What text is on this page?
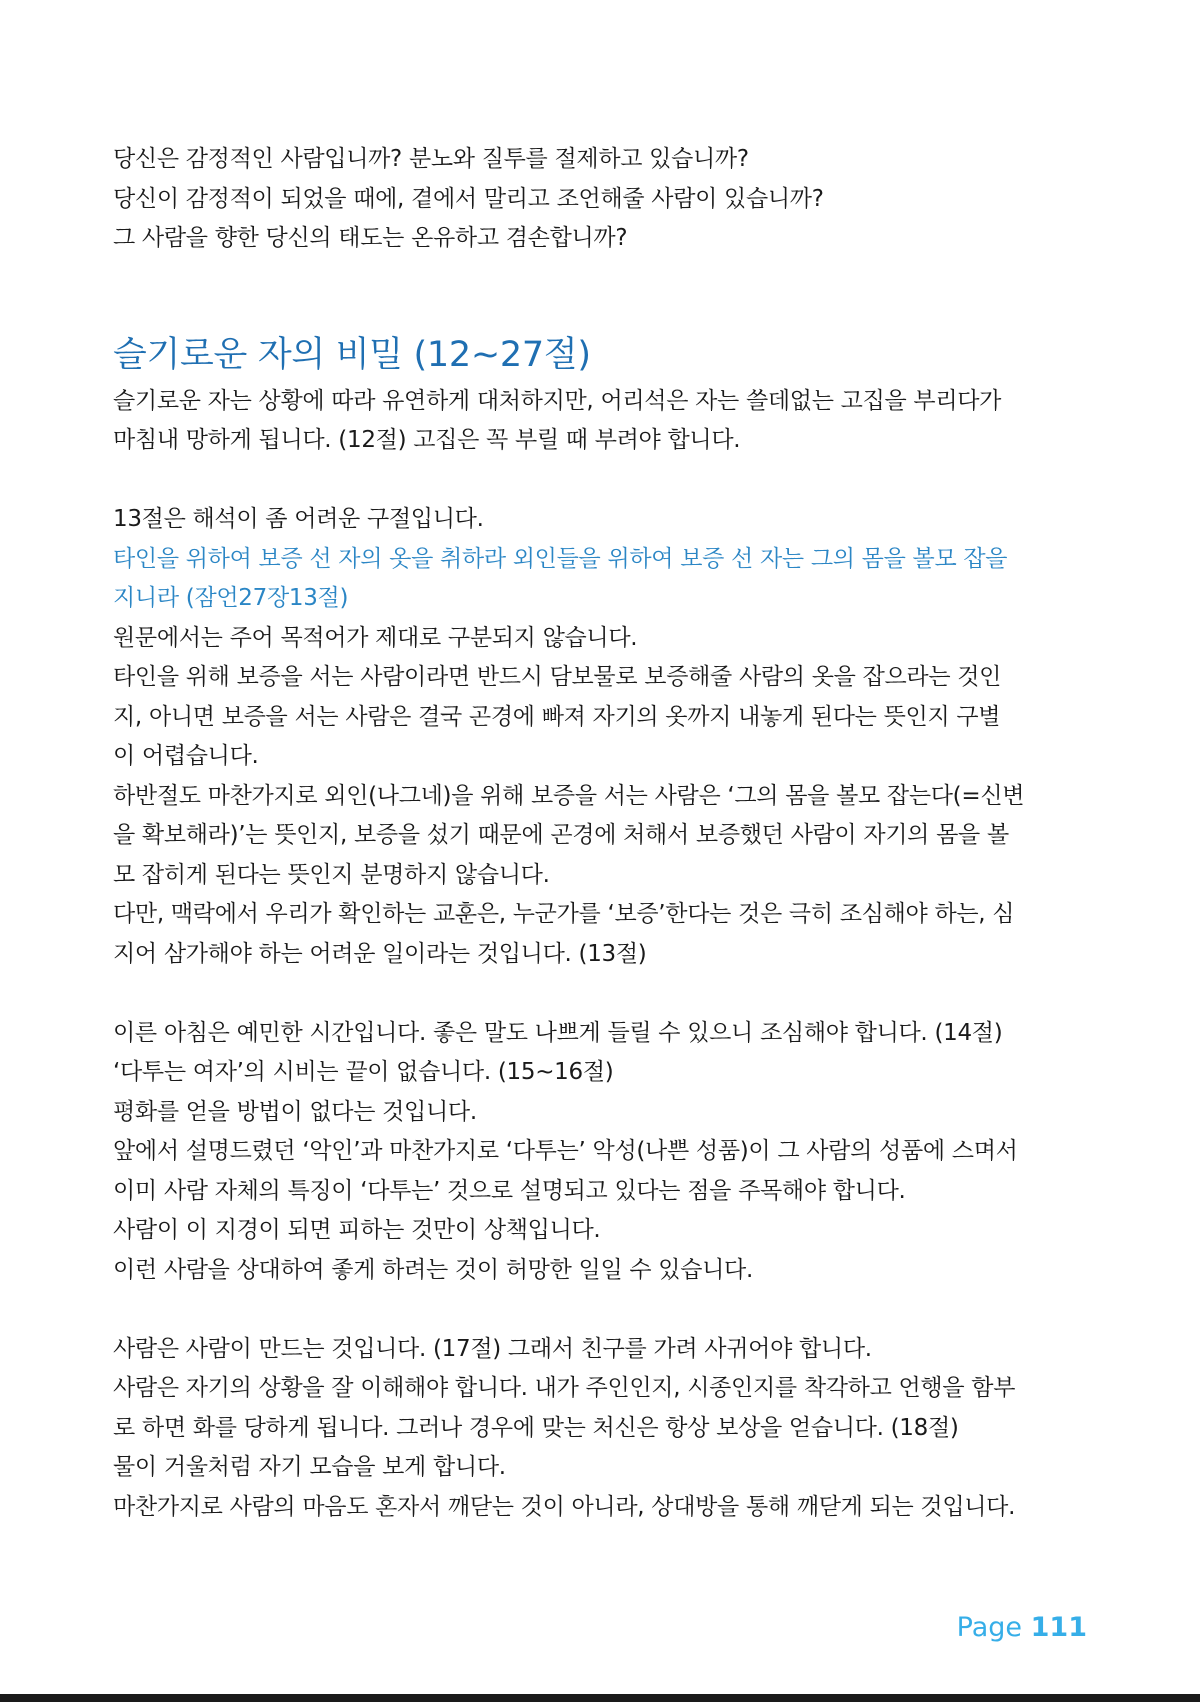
당신은 감정적인 사람입니까? 분노와 질투를 절제하고 있습니까?
당신이 감정적이 되었을 때에, 곁에서 말리고 조언해줄 사람이 있습니까?
그 사람을 향한 당신의 태도는 온유하고 겸손합니까?
슬기로운 자의 비밀 (12~27절)
슬기로운 자는 상황에 따라 유연하게 대처하지만, 어리석은 자는 쓸데없는 고집을 부리다가
마침내 망하게 됩니다. (12절) 고집은 꼭 부릴 때 부려야 합니다.
13절은 해석이 좀 어려운 구절입니다.
타인을 위하여 보증 선 자의 옷을 취하라 외인들을 위하여 보증 선 자는 그의 몸을 볼모 잡을
지니라 (잠언27장13절)
원문에서는 주어 목적어가 제대로 구분되지 않습니다.
타인을 위해 보증을 서는 사람이라면 반드시 담보물로 보증해줄 사람의 옷을 잡으라는 것인
지, 아니면 보증을 서는 사람은 결국 곤경에 빠져 자기의 옷까지 내놓게 된다는 뜻인지 구별
이 어렵습니다.
하반절도 마찬가지로 외인(나그네)을 위해 보증을 서는 사람은 ‘그의 몸을 볼모 잡는다(=신변
을 확보해라)’는 뜻인지, 보증을 섰기 때문에 곤경에 처해서 보증했던 사람이 자기의 몸을 볼
모 잡히게 된다는 뜻인지 분명하지 않습니다.
다만, 맥락에서 우리가 확인하는 교훈은, 누군가를 ‘보증’한다는 것은 극히 조심해야 하는, 심
지어 삼가해야 하는 어려운 일이라는 것입니다. (13절)
이른 아침은 예민한 시간입니다. 좋은 말도 나쁘게 들릴 수 있으니 조심해야 합니다. (14절)
‘다투는 여자’의 시비는 끝이 없습니다. (15~16절)
평화를 얻을 방법이 없다는 것입니다.
앞에서 설명드렸던 ‘악인’과 마찬가지로 ‘다투는’ 악성(나쁜 성품)이 그 사람의 성품에 스며서
이미 사람 자체의 특징이 ‘다투는’ 것으로 설명되고 있다는 점을 주목해야 합니다.
사람이 이 지경이 되면 피하는 것만이 상책입니다.
이런 사람을 상대하여 좋게 하려는 것이 허망한 일일 수 있습니다.
사람은 사람이 만드는 것입니다. (17절) 그래서 친구를 가려 사귀어야 합니다.
사람은 자기의 상황을 잘 이해해야 합니다. 내가 주인인지, 시종인지를 착각하고 언행을 함부
로 하면 화를 당하게 됩니다. 그러나 경우에 맞는 처신은 항상 보상을 얻습니다. (18절)
물이 거울처럼 자기 모습을 보게 합니다.
마찬가지로 사람의 마음도 혼자서 깨닫는 것이 아니라, 상대방을 통해 깨닫게 되는 것입니다.
Page 111
